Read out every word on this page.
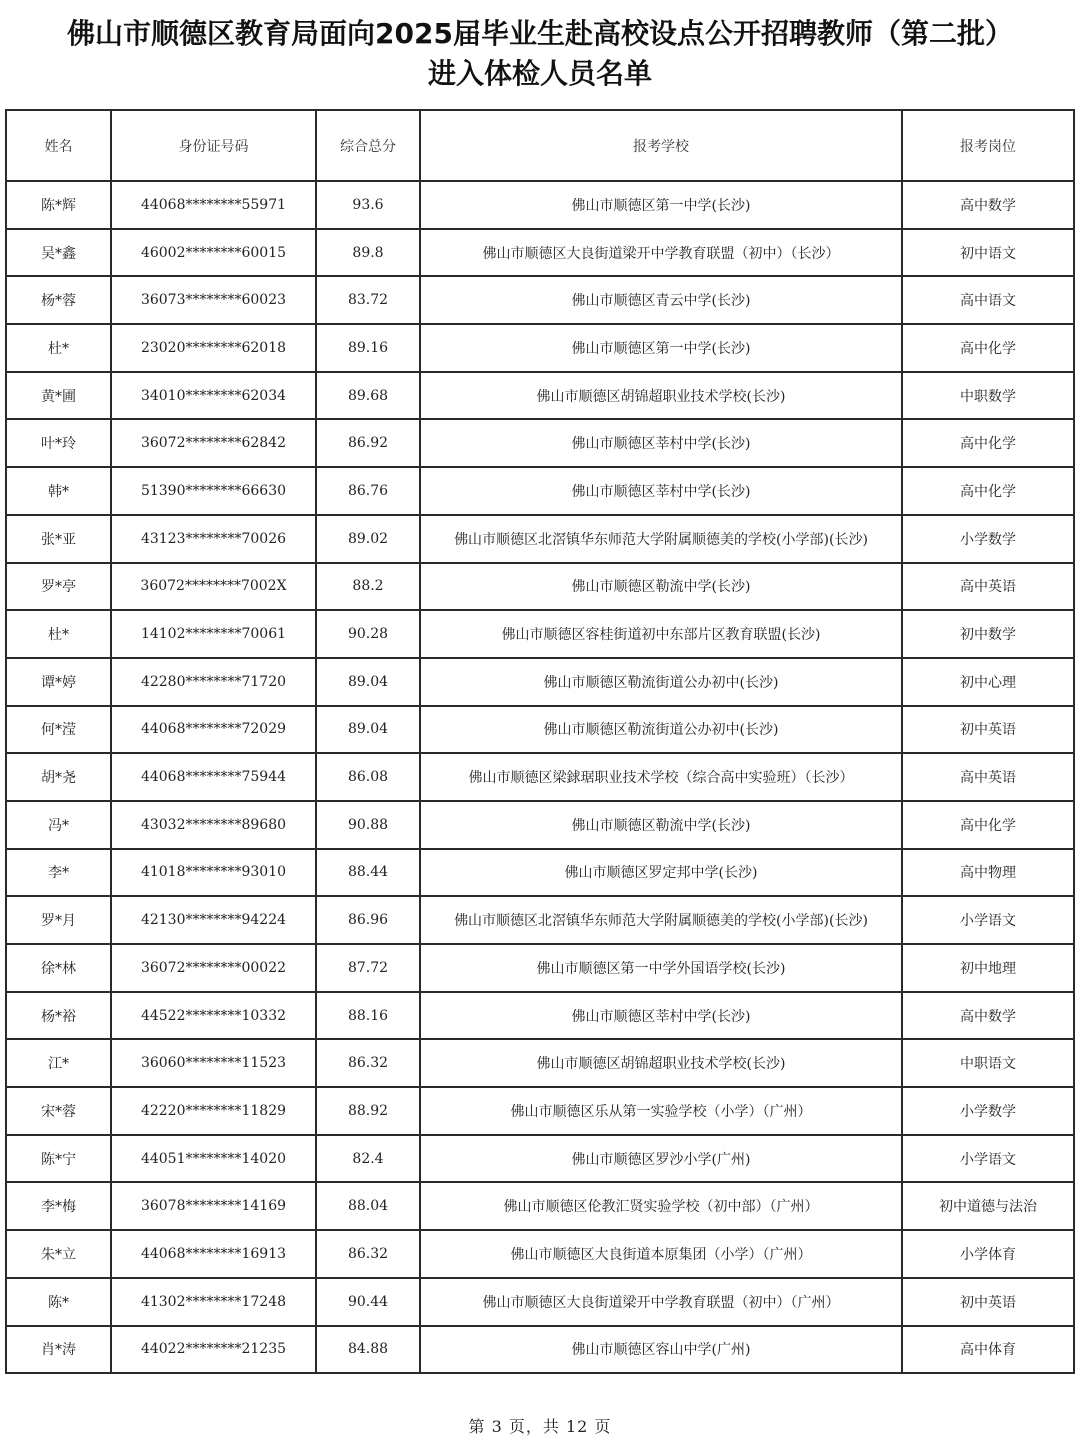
佛山市顺德区教育局面向2025届毕业生赴高校设点公开招聘教师（第二批）
进入体检人员名单
姓名	身份证号码	综合总分	报考学校	报考岗位
陈*辉	44068********55971	93.6	佛山市顺德区第一中学(长沙)	高中数学
吴*鑫	46002********60015	89.8	佛山市顺德区大良街道梁开中学教育联盟（初中）（长沙）	初中语文
杨*蓉	36073********60023	83.72	佛山市顺德区青云中学(长沙)	高中语文
杜*	23020********62018	89.16	佛山市顺德区第一中学(长沙)	高中化学
黄*圃	34010********62034	89.68	佛山市顺德区胡锦超职业技术学校(长沙)	中职数学
叶*玲	36072********62842	86.92	佛山市顺德区莘村中学(长沙)	高中化学
韩*	51390********66630	86.76	佛山市顺德区莘村中学(长沙)	高中化学
张*亚	43123********70026	89.02	佛山市顺德区北滘镇华东师范大学附属顺德美的学校(小学部)(长沙)	小学数学
罗*亭	36072********7002X	88.2	佛山市顺德区勒流中学(长沙)	高中英语
杜*	14102********70061	90.28	佛山市顺德区容桂街道初中东部片区教育联盟(长沙)	初中数学
谭*婷	42280********71720	89.04	佛山市顺德区勒流街道公办初中(长沙)	初中心理
何*滢	44068********72029	89.04	佛山市顺德区勒流街道公办初中(长沙)	初中英语
胡*尧	44068********75944	86.08	佛山市顺德区梁銶琚职业技术学校（综合高中实验班）（长沙）	高中英语
冯*	43032********89680	90.88	佛山市顺德区勒流中学(长沙)	高中化学
李*	41018********93010	88.44	佛山市顺德区罗定邦中学(长沙)	高中物理
罗*月	42130********94224	86.96	佛山市顺德区北滘镇华东师范大学附属顺德美的学校(小学部)(长沙)	小学语文
徐*林	36072********00022	87.72	佛山市顺德区第一中学外国语学校(长沙)	初中地理
杨*裕	44522********10332	88.16	佛山市顺德区莘村中学(长沙)	高中数学
江*	36060********11523	86.32	佛山市顺德区胡锦超职业技术学校(长沙)	中职语文
宋*蓉	42220********11829	88.92	佛山市顺德区乐从第一实验学校（小学）（广州）	小学数学
陈*宁	44051********14020	82.4	佛山市顺德区罗沙小学(广州)	小学语文
李*梅	36078********14169	88.04	佛山市顺德区伦教汇贤实验学校（初中部）（广州）	初中道德与法治
朱*立	44068********16913	86.32	佛山市顺德区大良街道本原集团（小学）（广州）	小学体育
陈*	41302********17248	90.44	佛山市顺德区大良街道梁开中学教育联盟（初中）（广州）	初中英语
肖*涛	44022********21235	84.88	佛山市顺德区容山中学(广州)	高中体育
第 3 页，共 12 页
